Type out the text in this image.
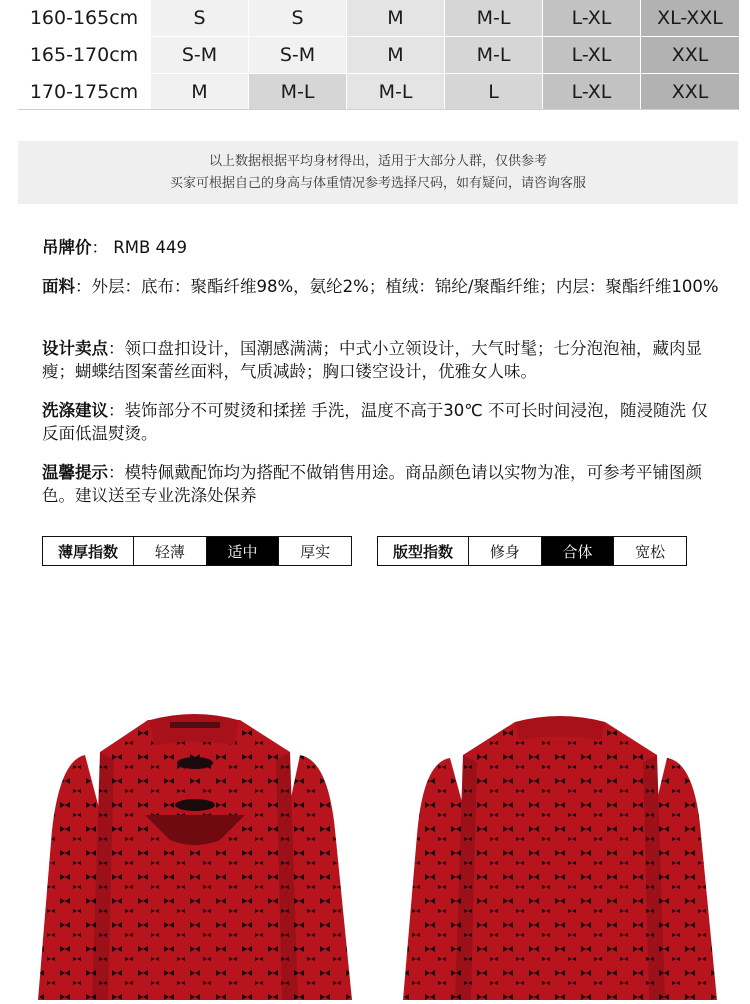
160-165cm	S	S	M	M-L	L-XL	XL-XXL
165-170cm	S-M	S-M	M	M-L	L-XL	XXL
170-175cm	M	M-L	M-L	L	L-XL	XXL
以上数据根据平均身材得出，适用于大部分人群，仅供参考
买家可根据自己的身高与体重情况参考选择尺码，如有疑问，请咨询客服
吊牌价： RMB 449
面料：外层：底布：聚酯纤维98%，氨纶2%；植绒：锦纶/聚酯纤维；内层：聚酯纤维100%
设计卖点：领口盘扣设计，国潮感满满；中式小立领设计，大气时髦；七分泡泡袖，藏肉显瘦；蝴蝶结图案蕾丝面料，气质减龄；胸口镂空设计，优雅女人味。
洗涤建议：装饰部分不可熨烫和揉搓 手洗，温度不高于30℃ 不可长时间浸泡，随浸随洗 仅反面低温熨烫。
温馨提示：模特佩戴配饰均为搭配不做销售用途。商品颜色请以实物为准，可参考平铺图颜色。建议送至专业洗涤处保养
薄厚指数	轻薄	适中	厚实	版型指数	修身	合体	宽松
